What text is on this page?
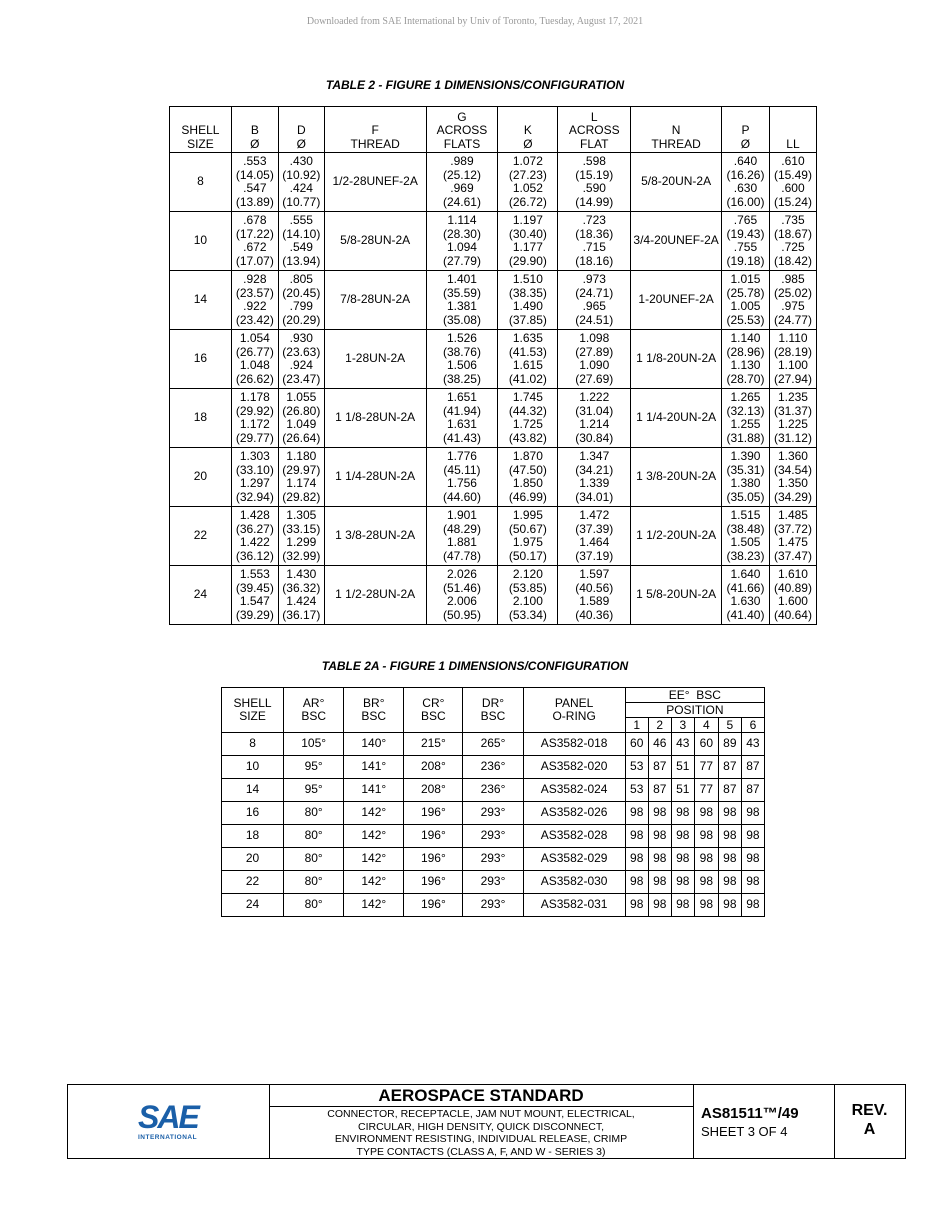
Downloaded from SAE International by Univ of Toronto, Tuesday, August 17, 2021
TABLE 2 - FIGURE 1 DIMENSIONS/CONFIGURATION
SHELL
SIZE	B
Ø	D
Ø	F
THREAD	G
ACROSS
FLATS	K
Ø	L
ACROSS
FLAT	N
THREAD	P
Ø	LL

8	.553
(14.05)
.547
(13.89)	.430
(10.92)
.424
(10.77)	1/2-28UNEF-2A	.989
(25.12)
.969
(24.61)	1.072
(27.23)
1.052
(26.72)	.598
(15.19)
.590
(14.99)	5/8-20UN-2A	.640
(16.26)
.630
(16.00)	.610
(15.49)
.600
(15.24)

10	.678
(17.22)
.672
(17.07)	.555
(14.10)
.549
(13.94)	5/8-28UN-2A	1.114
(28.30)
1.094
(27.79)	1.197
(30.40)
1.177
(29.90)	.723
(18.36)
.715
(18.16)	3/4-20UNEF-2A	.765
(19.43)
.755
(19.18)	.735
(18.67)
.725
(18.42)

14	.928
(23.57)
.922
(23.42)	.805
(20.45)
.799
(20.29)	7/8-28UN-2A	1.401
(35.59)
1.381
(35.08)	1.510
(38.35)
1.490
(37.85)	.973
(24.71)
.965
(24.51)	1-20UNEF-2A	1.015
(25.78)
1.005
(25.53)	.985
(25.02)
.975
(24.77)

16	1.054
(26.77)
1.048
(26.62)	.930
(23.63)
.924
(23.47)	1-28UN-2A	1.526
(38.76)
1.506
(38.25)	1.635
(41.53)
1.615
(41.02)	1.098
(27.89)
1.090
(27.69)	1 1/8-20UN-2A	1.140
(28.96)
1.130
(28.70)	1.110
(28.19)
1.100
(27.94)

18	1.178
(29.92)
1.172
(29.77)	1.055
(26.80)
1.049
(26.64)	1 1/8-28UN-2A	1.651
(41.94)
1.631
(41.43)	1.745
(44.32)
1.725
(43.82)	1.222
(31.04)
1.214
(30.84)	1 1/4-20UN-2A	1.265
(32.13)
1.255
(31.88)	1.235
(31.37)
1.225
(31.12)

20	1.303
(33.10)
1.297
(32.94)	1.180
(29.97)
1.174
(29.82)	1 1/4-28UN-2A	1.776
(45.11)
1.756
(44.60)	1.870
(47.50)
1.850
(46.99)	1.347
(34.21)
1.339
(34.01)	1 3/8-20UN-2A	1.390
(35.31)
1.380
(35.05)	1.360
(34.54)
1.350
(34.29)

22	1.428
(36.27)
1.422
(36.12)	1.305
(33.15)
1.299
(32.99)	1 3/8-28UN-2A	1.901
(48.29)
1.881
(47.78)	1.995
(50.67)
1.975
(50.17)	1.472
(37.39)
1.464
(37.19)	1 1/2-20UN-2A	1.515
(38.48)
1.505
(38.23)	1.485
(37.72)
1.475
(37.47)

24	1.553
(39.45)
1.547
(39.29)	1.430
(36.32)
1.424
(36.17)	1 1/2-28UN-2A	2.026
(51.46)
2.006
(50.95)	2.120
(53.85)
2.100
(53.34)	1.597
(40.56)
1.589
(40.36)	1 5/8-20UN-2A	1.640
(41.66)
1.630
(41.40)	1.610
(40.89)
1.600
(40.64)
TABLE 2A - FIGURE 1 DIMENSIONS/CONFIGURATION
SHELL
SIZE	AR°
BSC	BR°
BSC	CR°
BSC	DR°
BSC	PANEL
O-RING	EE°  BSC					
						POSITION					
						1	2	3	4	5	6
8	105°	140°	215°	265°	AS3582-018	60	46	43	60	89	43
10	95°	141°	208°	236°	AS3582-020	53	87	51	77	87	87
14	95°	141°	208°	236°	AS3582-024	53	87	51	77	87	87
16	80°	142°	196°	293°	AS3582-026	98	98	98	98	98	98
18	80°	142°	196°	293°	AS3582-028	98	98	98	98	98	98
20	80°	142°	196°	293°	AS3582-029	98	98	98	98	98	98
22	80°	142°	196°	293°	AS3582-030	98	98	98	98	98	98
24	80°	142°	196°	293°	AS3582-031	98	98	98	98	98	98
SAE
INTERNATIONAL
AEROSPACE STANDARD
CONNECTOR, RECEPTACLE, JAM NUT MOUNT, ELECTRICAL,
CIRCULAR, HIGH DENSITY, QUICK DISCONNECT,
ENVIRONMENT RESISTING, INDIVIDUAL RELEASE, CRIMP
TYPE CONTACTS (CLASS A, F, AND W - SERIES 3)
AS81511™/49
SHEET 3 OF 4
REV.
A
